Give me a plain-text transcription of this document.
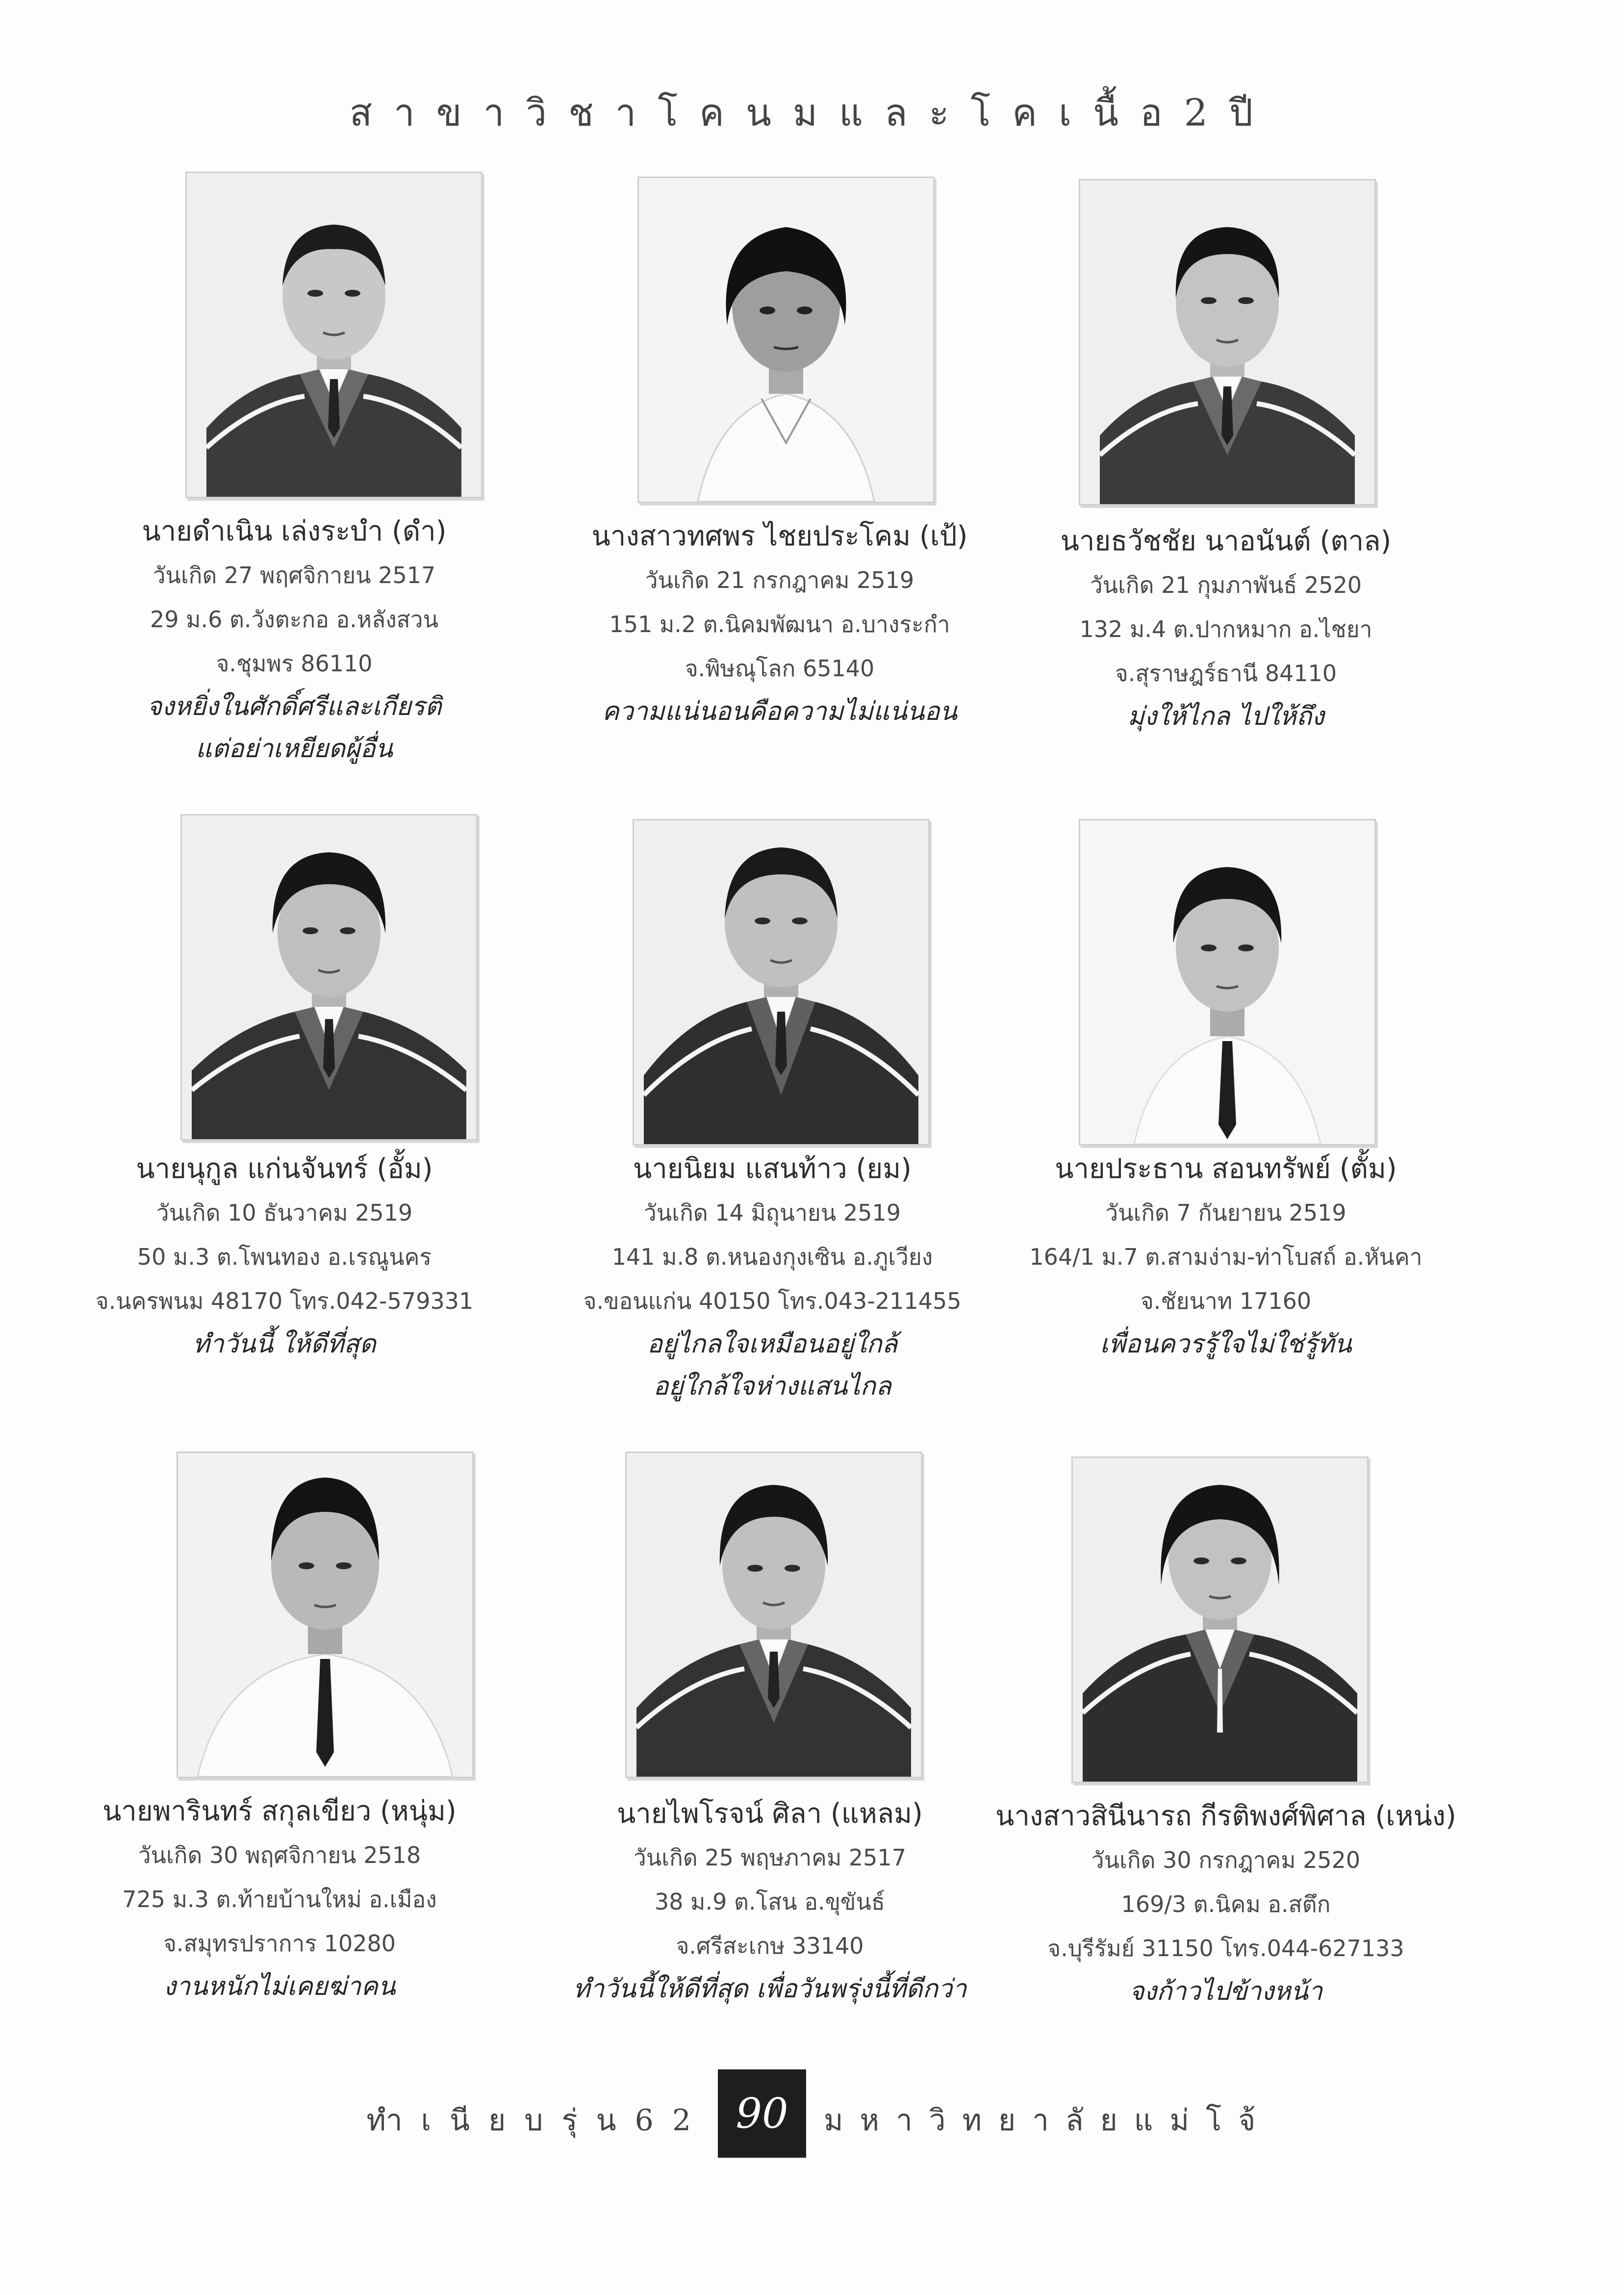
สาขาวิชาโคนมและโคเนื้อ2ปี
นายดำเนิน เล่งระบำ (ดำ)
วันเกิด 27 พฤศจิกายน 2517
29 ม.6 ต.วังตะกอ อ.หลังสวน
จ.ชุมพร 86110
จงหยิ่งในศักดิ์ศรีและเกียรติ
แต่อย่าเหยียดผู้อื่น
นางสาวทศพร ไชยประโคม (เป้)
วันเกิด 21 กรกฎาคม 2519
151 ม.2 ต.นิคมพัฒนา อ.บางระกำ
จ.พิษณุโลก 65140
ความแน่นอนคือความไม่แน่นอน
นายธวัชชัย นาอนันต์ (ตาล)
วันเกิด 21 กุมภาพันธ์ 2520
132 ม.4 ต.ปากหมาก อ.ไชยา
จ.สุราษฎร์ธานี 84110
มุ่งให้ไกล ไปให้ถึง
นายนุกูล แก่นจันทร์ (อั้ม)
วันเกิด 10 ธันวาคม 2519
50 ม.3 ต.โพนทอง อ.เรณูนคร
จ.นครพนม 48170 โทร.042-579331
ทำวันนี้ ให้ดีที่สุด
นายนิยม แสนท้าว (ยม)
วันเกิด 14 มิถุนายน 2519
141 ม.8 ต.หนองกุงเซิน อ.ภูเวียง
จ.ขอนแก่น 40150 โทร.043-211455
อยู่ไกลใจเหมือนอยู่ใกล้
อยู่ใกล้ใจห่างแสนไกล
นายประธาน สอนทรัพย์ (ตั้ม)
วันเกิด 7 กันยายน 2519
164/1 ม.7 ต.สามง่าม-ท่าโบสถ์ อ.หันคา
จ.ชัยนาท 17160
เพื่อนควรรู้ใจไม่ใช่รู้ทัน
นายพารินทร์ สกุลเขียว (หนุ่ม)
วันเกิด 30 พฤศจิกายน 2518
725 ม.3 ต.ท้ายบ้านใหม่ อ.เมือง
จ.สมุทรปราการ 10280
งานหนักไม่เคยฆ่าคน
นายไพโรจน์ ศิลา (แหลม)
วันเกิด 25 พฤษภาคม 2517
38 ม.9 ต.โสน อ.ขุขันธ์
จ.ศรีสะเกษ 33140
ทำวันนี้ให้ดีที่สุด เพื่อวันพรุ่งนี้ที่ดีกว่า
นางสาวสินีนารถ กีรติพงศ์พิศาล (เหน่ง)
วันเกิด 30 กรกฎาคม 2520
169/3 ต.นิคม อ.สตึก
จ.บุรีรัมย์ 31150 โทร.044-627133
จงก้าวไปข้างหน้า
ทำเนียบรุ่น62 90	มหาวิทยาลัยแม่โจ้
